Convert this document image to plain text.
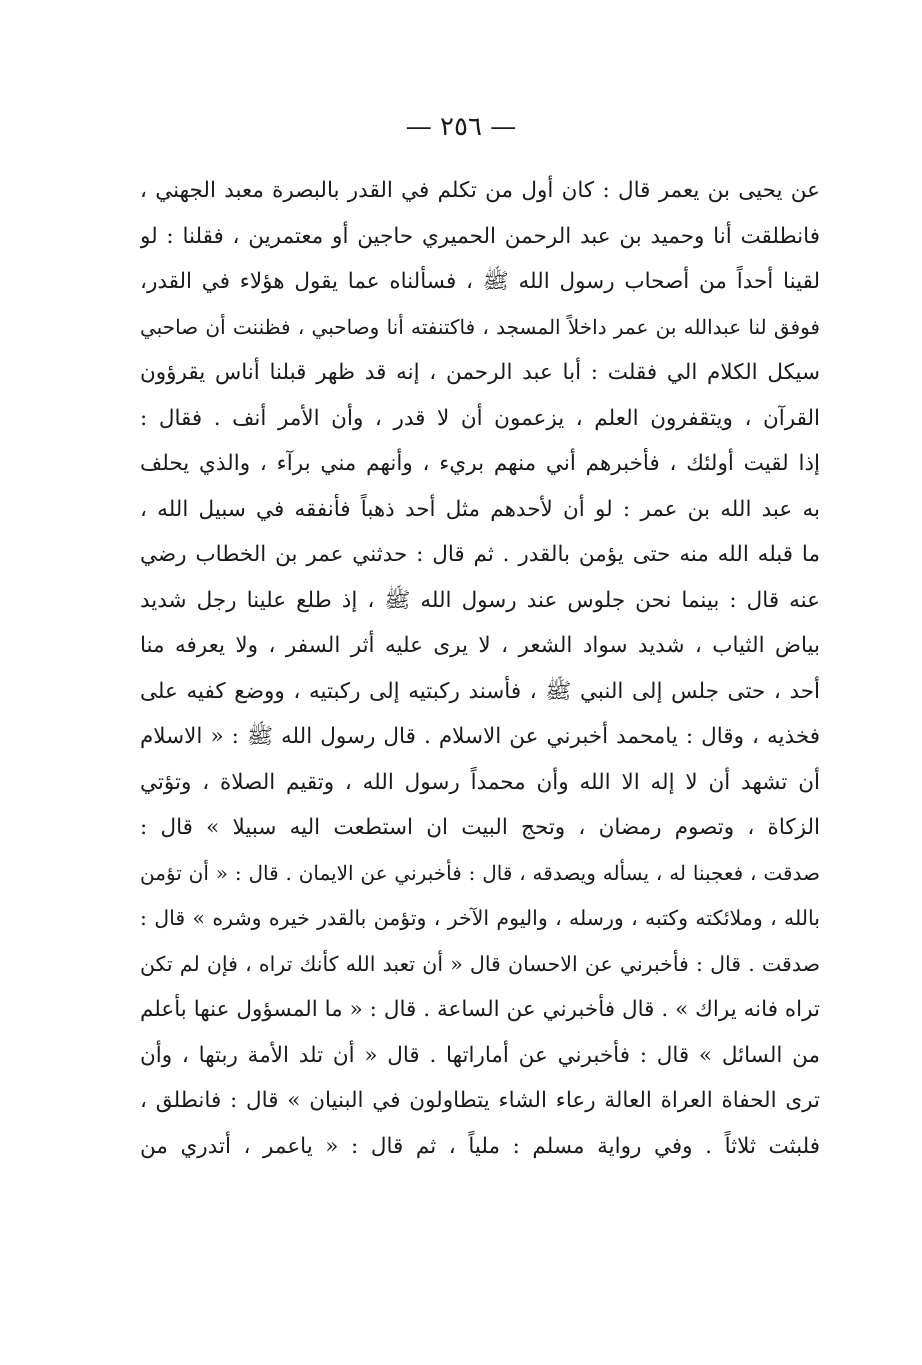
— ٢٥٦ —
عن يحيى بن يعمر قال : كان أول من تكلم في القدر بالبصرة معبد الجهني ،
فانطلقت أنا وحميد بن عبد الرحمن الحميري حاجين أو معتمرين ، فقلنا : لو
لقينا أحداً من أصحاب رسول الله ﷺ ، فسألناه عما يقول هؤلاء في القدر،
فوفق لنا عبدالله بن عمر داخلاً المسجد ، فاكتنفته أنا وصاحبي ، فظننت أن صاحبي
سيكل الكلام الي فقلت : أبا عبد الرحمن ، إنه قد ظهر قبلنا أناس يقرؤون
القرآن ، ويتقفرون العلم ، يزعمون أن لا قدر ، وأن الأمر أنف . فقال :
إذا لقيت أولئك ، فأخبرهم أني منهم بريء ، وأنهم مني برآء ، والذي يحلف
به عبد الله بن عمر : لو أن لأحدهم مثل أحد ذهباً فأنفقه في سبيل الله ،
ما قبله الله منه حتى يؤمن بالقدر . ثم قال : حدثني عمر بن الخطاب رضي
عنه قال : بينما نحن جلوس عند رسول الله ﷺ ، إذ طلع علينا رجل شديد
بياض الثياب ، شديد سواد الشعر ، لا يرى عليه أثر السفر ، ولا يعرفه منا
أحد ، حتى جلس إلى النبي ﷺ ، فأسند ركبتيه إلى ركبتيه ، ووضع كفيه على
فخذيه ، وقال : يامحمد أخبرني عن الاسلام . قال رسول الله ﷺ : « الاسلام
أن تشهد أن لا إله الا الله وأن محمداً رسول الله ، وتقيم الصلاة ، وتؤتي
الزكاة ، وتصوم رمضان ، وتحج البيت ان استطعت اليه سبيلا » قال :
صدقت ، فعجبنا له ، يسأله ويصدقه ، قال : فأخبرني عن الايمان . قال : « أن تؤمن
بالله ، وملائكته وكتبه ، ورسله ، واليوم الآخر ، وتؤمن بالقدر خيره وشره » قال :
صدقت . قال : فأخبرني عن الاحسان قال « أن تعبد الله كأنك تراه ، فإن لم تكن
تراه فانه يراك » . قال فأخبرني عن الساعة . قال : « ما المسؤول عنها بأعلم
من السائل » قال : فأخبرني عن أماراتها . قال « أن تلد الأمة ربتها ، وأن
ترى الحفاة العراة العالة رعاء الشاء يتطاولون في البنيان » قال : فانطلق ،
فلبثت ثلاثاً . وفي رواية مسلم : ملياً ، ثم قال : « ياعمر ، أتدري من
